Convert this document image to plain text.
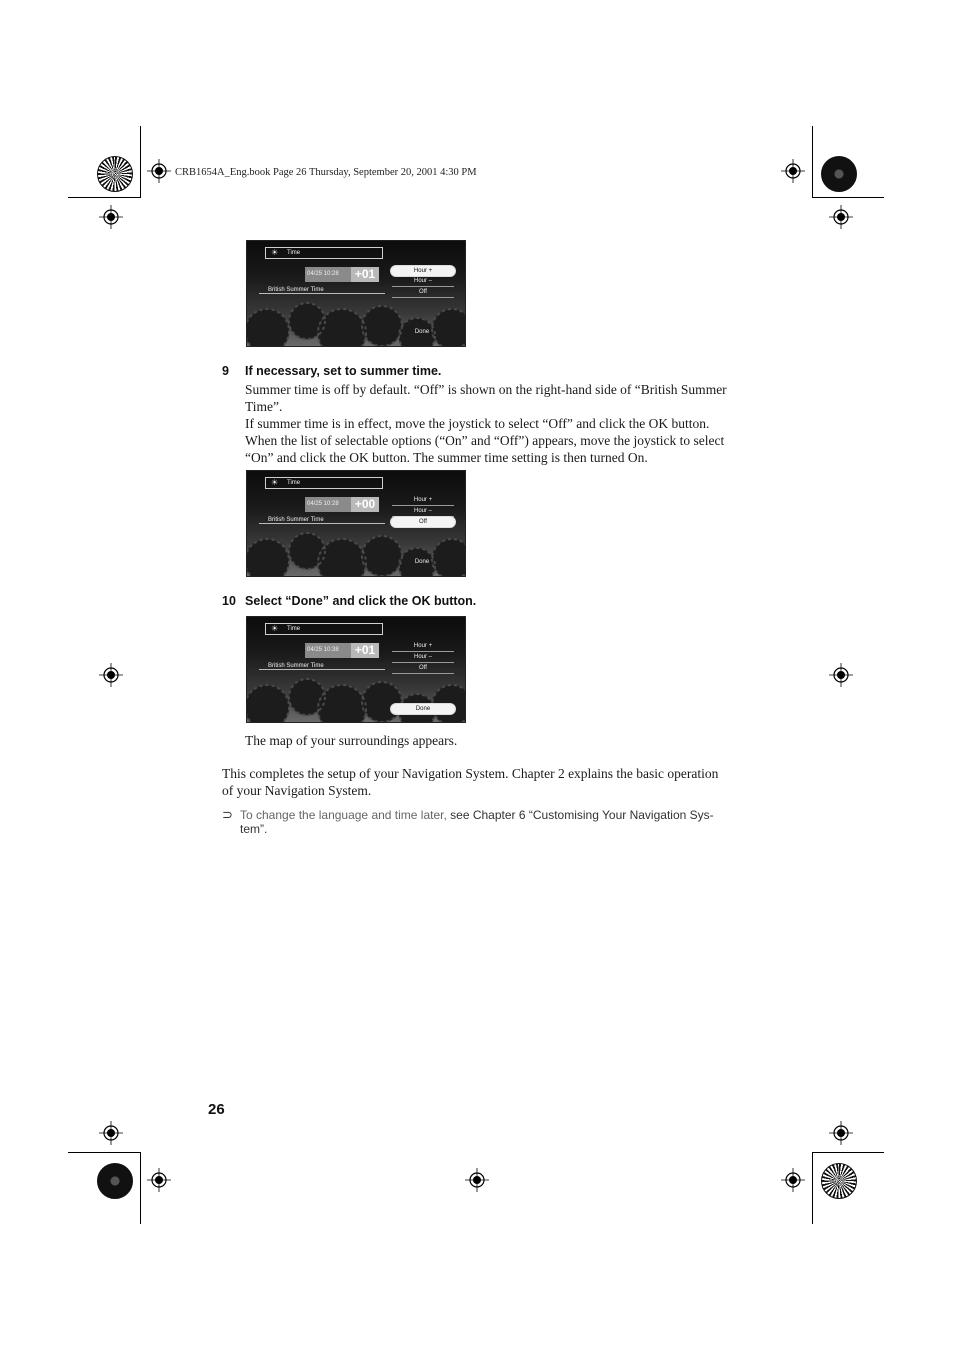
CRB1654A_Eng.book Page 26 Thursday, September 20, 2001 4:30 PM
☀ Time
04/25 10:28	+01
British Summer Time
Hour +
Hour –
Off
Done
9 If necessary, set to summer time.
Summer time is off by default. “Off” is shown on the right-hand side of “British Summer
Time”.
If summer time is in effect, move the joystick to select “Off” and click the OK button.
When the list of selectable options (“On” and “Off”) appears, move the joystick to select
“On” and click the OK button. The summer time setting is then turned On.
☀ Time
04/25 10:28	+00
British Summer Time
Hour +
Hour –
Off
Done
10 Select “Done” and click the OK button.
☀ Time
04/25 10:38	+01
British Summer Time
Hour +
Hour –
Off
Done
The map of your surroundings appears.
This completes the setup of your Navigation System. Chapter 2 explains the basic operation
of your Navigation System.
⊃ To change the language and time later, see Chapter 6 “Customising Your Navigation Sys-
tem”.
26
